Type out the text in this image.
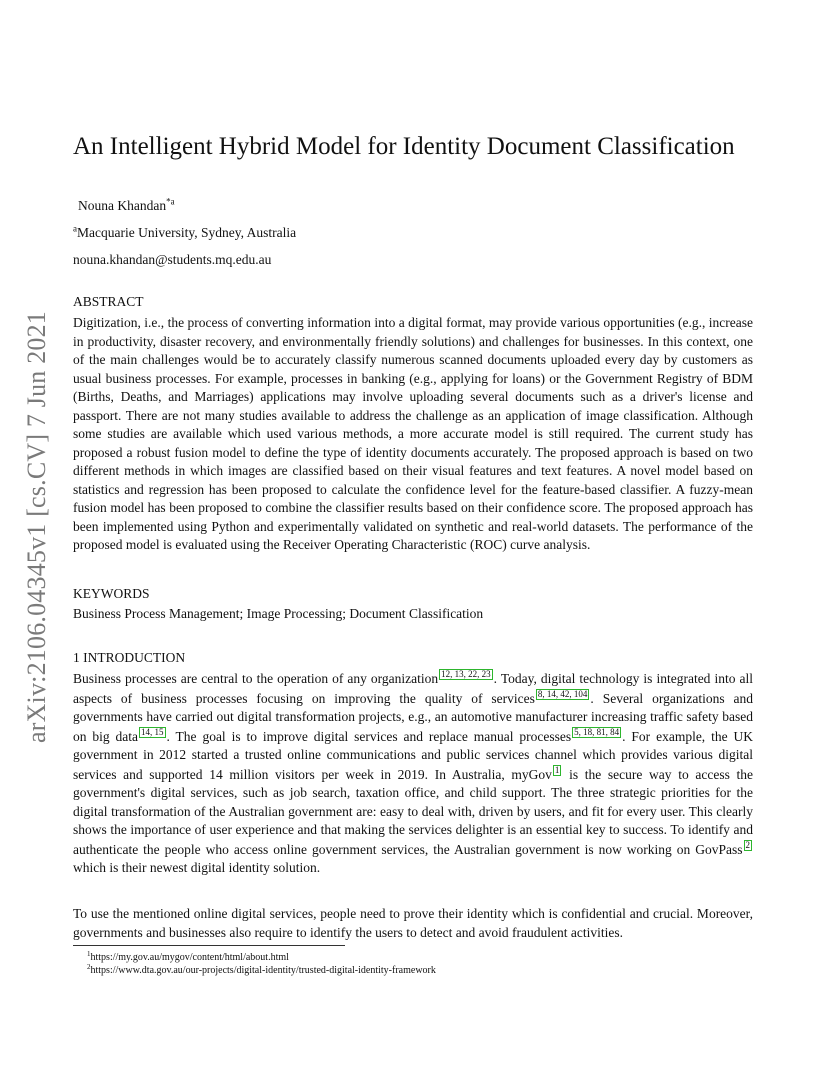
arXiv:2106.04345v1 [cs.CV] 7 Jun 2021
An Intelligent Hybrid Model for Identity Document Classification
Nouna Khandan$^{*a}$
$^a$Macquarie University, Sydney, Australia
nouna.khandan@students.mq.edu.au
ABSTRACT

Digitization, i.e., the process of converting information into a digital format, may provide various opportunities (e.g., increase in productivity, disaster recovery, and environmentally friendly solutions) and challenges for businesses. In this context, one of the main challenges would be to accurately classify numerous scanned documents uploaded every day by customers as usual business processes. For example, processes in banking (e.g., applying for loans) or the Government Registry of BDM (Births, Deaths, and Marriages) applications may involve uploading several documents such as a driver's license and passport. There are not many studies available to address the challenge as an application of image classification. Although some studies are available which used various methods, a more accurate model is still required. The current study has proposed a robust fusion model to define the type of identity documents accurately. The proposed approach is based on two different methods in which images are classified based on their visual features and text features. A novel model based on statistics and regression has been proposed to calculate the confidence level for the feature-based classifier. A fuzzy-mean fusion model has been proposed to combine the classifier results based on their confidence score. The proposed approach has been implemented using Python and experimentally validated on synthetic and real-world datasets. The performance of the proposed model is evaluated using the Receiver Operating Characteristic (ROC) curve analysis.

KEYWORDS
Business Process Management; Image Processing; Document Classification
1 INTRODUCTION

Business processes are central to the operation of any organization 12, 13, 22, 23 . Today, digital technology is integrated into all aspects of business processes focusing on improving the quality of services 8, 14, 42, 104 . Several organizations and governments have carried out digital transformation projects, e.g., an automotive manufacturer increasing traffic safety based on big data 14, 15 . The goal is to improve digital services and replace manual processes 5, 18, 81, 84 . For example, the UK government in 2012 started a trusted online communications and public services channel which provides various digital services and supported 14 million visitors per week in 2019. In Australia, myGov 1 is the secure way to access the government's digital services, such as job search, taxation office, and child support. The three strategic priorities for the digital transformation of the Australian government are: easy to deal with, driven by users, and fit for every user. This clearly shows the importance of user experience and that making the services delighter is an essential key to success. To identify and authenticate the people who access online government services, the Australian government is now working on GovPass 2 which is their newest digital identity solution.

To use the mentioned online digital services, people need to prove their identity which is confidential and crucial. Moreover, governments and businesses also require to identify the users to detect and avoid fraudulent activities.

$^1$https://my.gov.au/mygov/content/html/about.html
$^2$https://www.dta.gov.au/our-projects/digital-identity/trusted-digital-identity-framework
